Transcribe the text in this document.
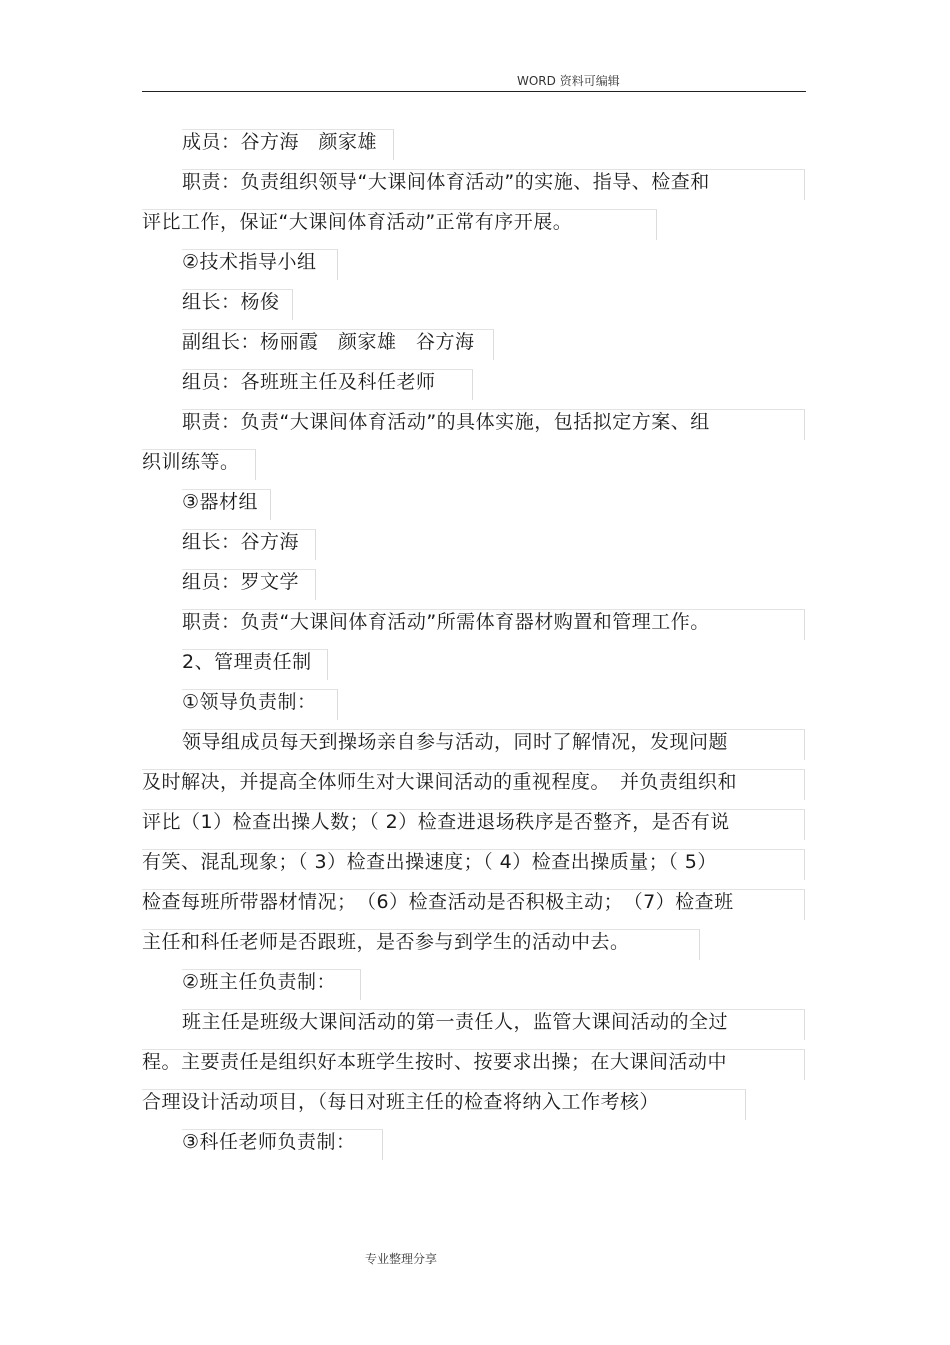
WORD 资料可编辑
成员：谷方海　颜家雄
职责：负责组织领导“大课间体育活动”的实施、指导、检查和
评比工作，保证“大课间体育活动”正常有序开展。
②技术指导小组
组长：杨俊
副组长：杨丽霞　颜家雄　谷方海
组员：各班班主任及科任老师
职责：负责“大课间体育活动”的具体实施，包括拟定方案、组
织训练等。
③器材组
组长：谷方海
组员：罗文学
职责：负责“大课间体育活动”所需体育器材购置和管理工作。
2、管理责任制
①领导负责制：
领导组成员每天到操场亲自参与活动，同时了解情况，发现问题
及时解决，并提高全体师生对大课间活动的重视程度。　并负责组织和
评比（1）检查出操人数；（ 2）检查进退场秩序是否整齐，是否有说
有笑、混乱现象；（ 3）检查出操速度；（ 4）检查出操质量；（ 5）
检查每班所带器材情况；　（6）检查活动是否积极主动；　（7）检查班
主任和科任老师是否跟班，是否参与到学生的活动中去。
②班主任负责制：
班主任是班级大课间活动的第一责任人，监管大课间活动的全过
程。主要责任是组织好本班学生按时、按要求出操；在大课间活动中
合理设计活动项目，（每日对班主任的检查将纳入工作考核）
③科任老师负责制：
专业整理分享
